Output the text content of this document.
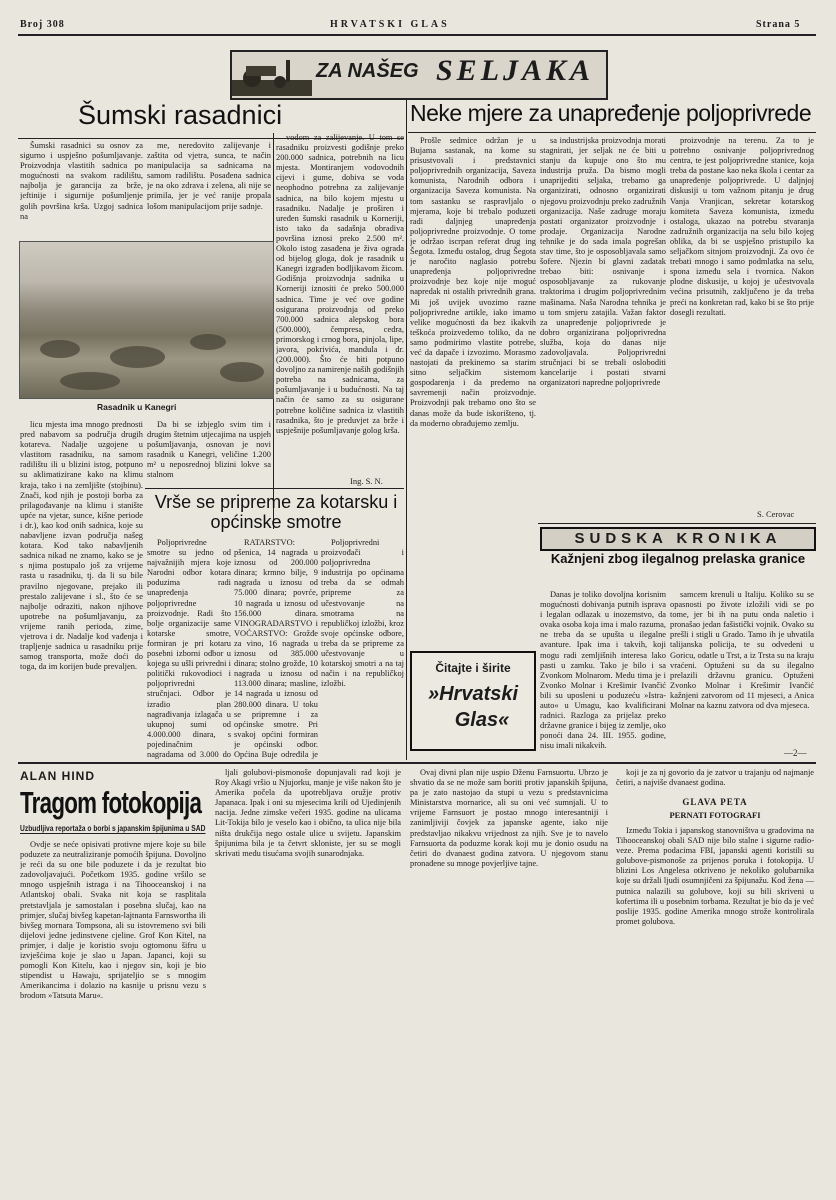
Broj 308	HRVATSKI GLAS	Strana 5
ZA NAŠEG SELJAKA
Šumski rasadnici

Šumski rasadnici su osnov za sigurno i uspješno pošumljavanje. Proizvodnja vlastitih sadnica po mogućnosti na svakom radilištu, najbolja je garancija za brže, jeftinije i sigurnije pošumljenje golih površina krša. Uzgoj sadnica na

me, neredovito zalijevanje i zaštita od vjetra, sunca, te način manipulacija sa sadnicama na samom radilištu. Posađena sadnica je na oko zdrava i zelena, ali nije se primila, jer je već ranije propala lošom manipulacijom prije sadnje.

vodom za zalijevanje. U tom se rasadniku proizvesti godišnje preko 200.000 sadnica, potrebnih na licu mjesta. Montiranjem vodovodnih cijevi i gume, dobiva se voda neophodno potrebna za zalijevanje sadnica, na bilo kojem mjestu u rasadniku. Nadalje je proširen i uređen šumski rasadnik u Korneriji, isto tako da sadašnja obradiva površina iznosi preko 2.500 m². Okolo istog zasađena je živa ograda od bijelog glogа, dok je rasadnik u Kanegri izgrađen bodljikavom žicom. Godišnja proizvodnja sadnika u Korneriji iznositi će preko 500.000 sadnica. Time je već ove godine osigurana proizvodnja od preko 700.000 sadnica alepskog bora (500.000), čempresa, cedra, primorskog i crnog bora, pinjola, lipe, javora, pokrivića, mandula i dr. (200.000). Što će biti potpuno dovoljno za namirenje naših godišnjih potreba na sadnicama, za pošumljavanje i u budućnosti. Na taj način će samo za su osigurane potrebne količine sadnica iz vlastitih rasadnika, što je preduvjet za brže i uspješnije pošumljavanje golog krša.

Rasadnik u Kanegri

licu mjesta ima mnogo prednosti pred nabavom sa područja drugih kotareva. Nadalje uzgojene u vlastitom rasadniku, na samom radilištu ili u blizini istog, potpuno su aklimatizirane kako na klimu kraja, tako i na zemljište (stojbinu). Znači, kod njih je postoji borba za prilagođavanje na klimu i stanište upće na vjetar, sunce, kišne periode i dr.), kao kod onih sadnica, koje su nabavljene izvan područja našeg kotara. Kod tako nabavljenih sadnica nikad ne znamo, kako se je s njima postupalo još za vrijeme rasta u rasadniku, tj. da li su bile pravilno njegovane, prejako ili prestalo zalijevane i sl., što će se najbolje odraziti, nakon njihove upotrebe na pošumljavanju, za vrijeme ranih perioda, zime, vjetrova i dr. Nadalje kod vađenja i trapljenje sadnica u rasadniku prije samog transporta, može doći do toga, da im korijen bude prevaljen.

Da bi se izbjeglo svim tim i drugim štetnim utjecajima na uspjeh pošumljavanja, osnovan je novi rasadnik u Kanegri, veličine 1.200 m² u neposrednoj blizini lokve sa stalnom

Ing. S. N.
Vrše se pripreme za kotarsku i općinske smotre

Poljoprivredne smotre su jedno od najvažnijih mjera koje Narodni odbor kotara poduzima radi unapređenja poljoprivredne proizvodnje. Radi što bolje organizacije same kotarske smotre, formiran je pri kotaru posebni izborni odbor u kojega su ušli privredni i politički rukovodioci i poljoprivredni stručnjaci. Odbor je izradio plan nagrađivanja izlagača u ukupnoj sumi od 4.000.000 dinara, s pojedinačnim nagradama od 3.000 do

RATARSTVO: pšenica, 14 nagrada u iznosu od 200.000 dinara; krmno bilje, 9 nagrada u iznosu od 75.000 dinara; povrće, 10 nagrada u iznosu od 156.000 dinara. VINOGRADARSTVO i VOĆARSTVO: Grožđe za vino, 16 nagrada u iznosu od 385.000 dinara; stolno grožđe, 10 nagrada u iznosu od 113.000 dinara; masline, 14 nagrada u iznosu od 280.000 dinara. U toku se pripremne i za općinske smotre. Pri svakoj općini formiran je općinski odbor. Općina Buje određila je

Poljoprivredni proizvođači i poljoprivredna industrija po općinama treba da se odmah pripreme za učestvovanje na smotrama na republičkoj izložbi, kroz svoje općinske odbore, treba da se pripreme za učestvovanje u kotarskoj smotri a na taj način i na republičkoj izložbi.

Neke mjere za unapređenje poljoprivrede

Prošle sedmice održan je u Bujama sastanak, na kome su prisustvovali i predstavnici poljoprivrednih organizacija, Saveza komunista, Narodnih odbora i organizacija Saveza komunista. Na tom sastanku se raspravljalo o mjerama, koje bi trebalo poduzeti radi daljnjeg unapređenja poljoprivredne proizvodnje. O tome je održao iscrpan referat drug ing Šegota. Između ostalog, drug Šegota je naročito naglasio potrebu unapređenja poljoprivredne proizvodnje bez koje nije moguć napredak ni ostalih privrednih grana. Mi još uvijek uvozimo razne poljoprivredne artikle, iako imamo velike mogućnosti da bez ikakvih teškoća proizvedemo toliko, da ne samo podmirimo vlastite potrebe, već da dapače i izvozimo. Morasmo nastojati da prekinemo sa starim sitno seljačkim sistemom gospodarenja i da predemo na savremenji način proizvodnje. Proizvodnji pak trebamo ono što se danas može da bude iskorišteno, tj. da moderno obrađujemo zemlju.

sa industrijska proizvodnja morati stagnirati, jer seljak ne će biti u stanju da kupuje ono što mu industrija pruža. Da bismo mogli unaprijediti seljaka, trebamo ga organizirati, odnosno organizirati njegovu proizvodnju preko zadružnih organizacija. Naše zadruge moraju postati organizator proizvodnje i prodaje. Organizacija Narodne tehnike je do sada imala pogrešan stav time, što je osposobljavala samo šofere. Njezin bi glavni zadatak trebao biti: osnivanje i osposobljavanje za rukovanje traktorima i drugim poljoprivrednim mašinama. Naša Narodna tehnika je u tom smjeru zatajila. Važan faktor za unapređenje poljoprivrede je dobro organizirana poljoprivredna služba, koja do danas nije zadovoljavala. Poljoprivredni stručnjaci bi se trebali osloboditi kancelarije i postati stvarni organizatori napredne poljoprivrede

proizvodnje na terenu. Za to je potrebno osnivanje poljoprivrednog centra, te jest poljoprivredne stanice, koja treba da postane kao neka škola i centar za unapređenje poljoprivrede. U daljnjoj diskusiji u tom važnom pitanju je drug Vanja Vranjican, sekretar kotarskog komiteta Saveza komunista, između ostaloga, ukazao na potrebu stvaranja zadružnih organizacija na selu bilo kojeg oblika, da bi se uspješno pristupilo ka seljačkom sitnjom proizvodnji. Za ovo će trebati mnogo i samo podmlatka na selu, spona između sela i tvornica. Nakon plodne diskusije, u kojoj je učestvovala većina prisutnih, zaključeno je da treba preći na konkretan rad, kako bi se što prije dosegli rezultati.

S. Cerovac
SUDSKA KRONIKA
Kažnjeni zbog ilegalnog prelaska granice

Danas je toliko dovoljna korisnim mogućnosti dobivanja putnih isprava i legalan odlazak u inozemstvo, da ovaka osoba koja ima i malo razuma, ne treba da se upušta u ilegalne avanture. Ipak ima i takvih, koji mogu radi zemljišnih interesa lako pasti u zamku. Tako je bilo i sa Zvonkom Molnarom. Medu tima je i Zvonko Molnar i Krešimir Ivančić bili su uposleni u poduzeću »Istra-auto« u Umagu, kao kvalificirani radnici. Razloga za prijelaz preko državne granice i bijeg iz zemlje, oko ponoći dana 24. III. 1955. godine, nisu imali nikakvih.

samcem krenuli u Italiju. Koliko su se opasnosti po živote izložili vidi se po tome, jer bi ih na putu onda naletio i pronašao jedan fašistički vojnik. Ovako su prešli i stigli u Grado. Tamo ih je uhvatila talijanska policija, te su odvedeni u Goricu, odatle u Trst, a iz Trsta su na kraju vraćeni. Optuženi su da su ilegalno prelazili državnu granicu. Optuženi Zvonko Molnar i Krešimir Ivančić kažnjeni zatvorom od 11 mjeseci, a Anica Molnar na kaznu zatvora od dva mjeseca.

—2—
Čitajte i širite
»Hrvatski
Glas«
ALAN HIND
Tragom fotokopija
Uzbudljiva reportaža o borbi s japanskim špijunima u SAD

Ovdje se neće opisivati protivne mjere koje su bile poduzete za neutraliziranje pomoćih špijuna. Dovoljno je reći da su one bile poduzete i da je rezultat bio zadovoljavajući. Početkom 1935. godine vršilo se mnogo uspješnih istraga i na Tihooceanskoj i na Atlantskoj obali. Svaka nit koja se rasplitala pretstavljala je samostalan i posebna slučaj, kao na primjer, slučaj bivšeg kapetan-lajtnanta Farnswortha ili bivšeg mornara Tompsona, ali su istovremeno svi bili dijelovi jedne jedinstvene cjeline. Grof Kon Kitel, na primjer, i dalje je koristio svoju ogtomonu šifru u izvješćima koje je slao u Japan. Japanci, koji su pomogli Kon Kitelu, kao i njegov sin, koji je bio stipendist u Hawaju, sprijateljio se s mnogim Amerikancima i dolazio na kasnije u prisnu vezu s brodom »Tatsuta Maru«.

ljali golubovi-pismonoše dopunjavali rad koji je Roy Akagi vršio u Njujorku, manje je više nakon što je Amerika počela da upotrebljava oružje protiv Japanaca. Ipak i oni su mjesecima krili od Ujedinjenih nacija. Jedne zimske večeri 1935. godine na ulicama Lit-Tokija bilo je veselo kao i obično, ta ulica nije bila ništa drukčija nego ostale ulice u svijetu. Japanskim špijunima bila je ta četvrt skloniste, jer su se mogli skrivati medu tisućama svojih sunarodnjaka.

Ovaj divni plan nije uspio Dženu Farnsuortu. Ubrzo je shvatio da se ne može sam boriti protiv japanskih špijuna, pa je zato nastojao da stupi u vezu s predstavnicima Ministarstva mornarice, ali su oni već sumnjali. U to vrijeme Farnsuort je postao mnogo interesantniji i zanimljiviji čovjek za japanske agente, iako nije predstavljao nikakvu vrijednost za njih. Sve je to navelo Farnsuorta da poduzme korak koji mu je donio osudu na četiri do dvanaest godina zatvora. U njegovom stanu pronađene su mnoge povjerljive tajne.

koji je za nj govorio da je zatvor u trajanju od najmanje četiri, a najviše dvanaest godina.

GLAVA PETA
PERNATI FOTOGRAFI

Između Tokia i japanskog stanovništva u gradovima na Tihooceanskoj obali SAD nije bilo stalne i sigurne radio-veze. Prema podacima FBI, japanski agenti koristili su golubove-pismonoše za prijenos poruka i fotokopija. U blizini Los Angelesa otkriveno je nekoliko golubarnika koje su držali ljudi osumnjičeni za špijunažu. Kod žena — putnica nalazili su golubove, koji su bili skriveni u kofertima ili u posebnim torbama. Rezultat je bio da je već poslije 1935. godine Amerika mnogo strože kontrolirala promet golubova.
